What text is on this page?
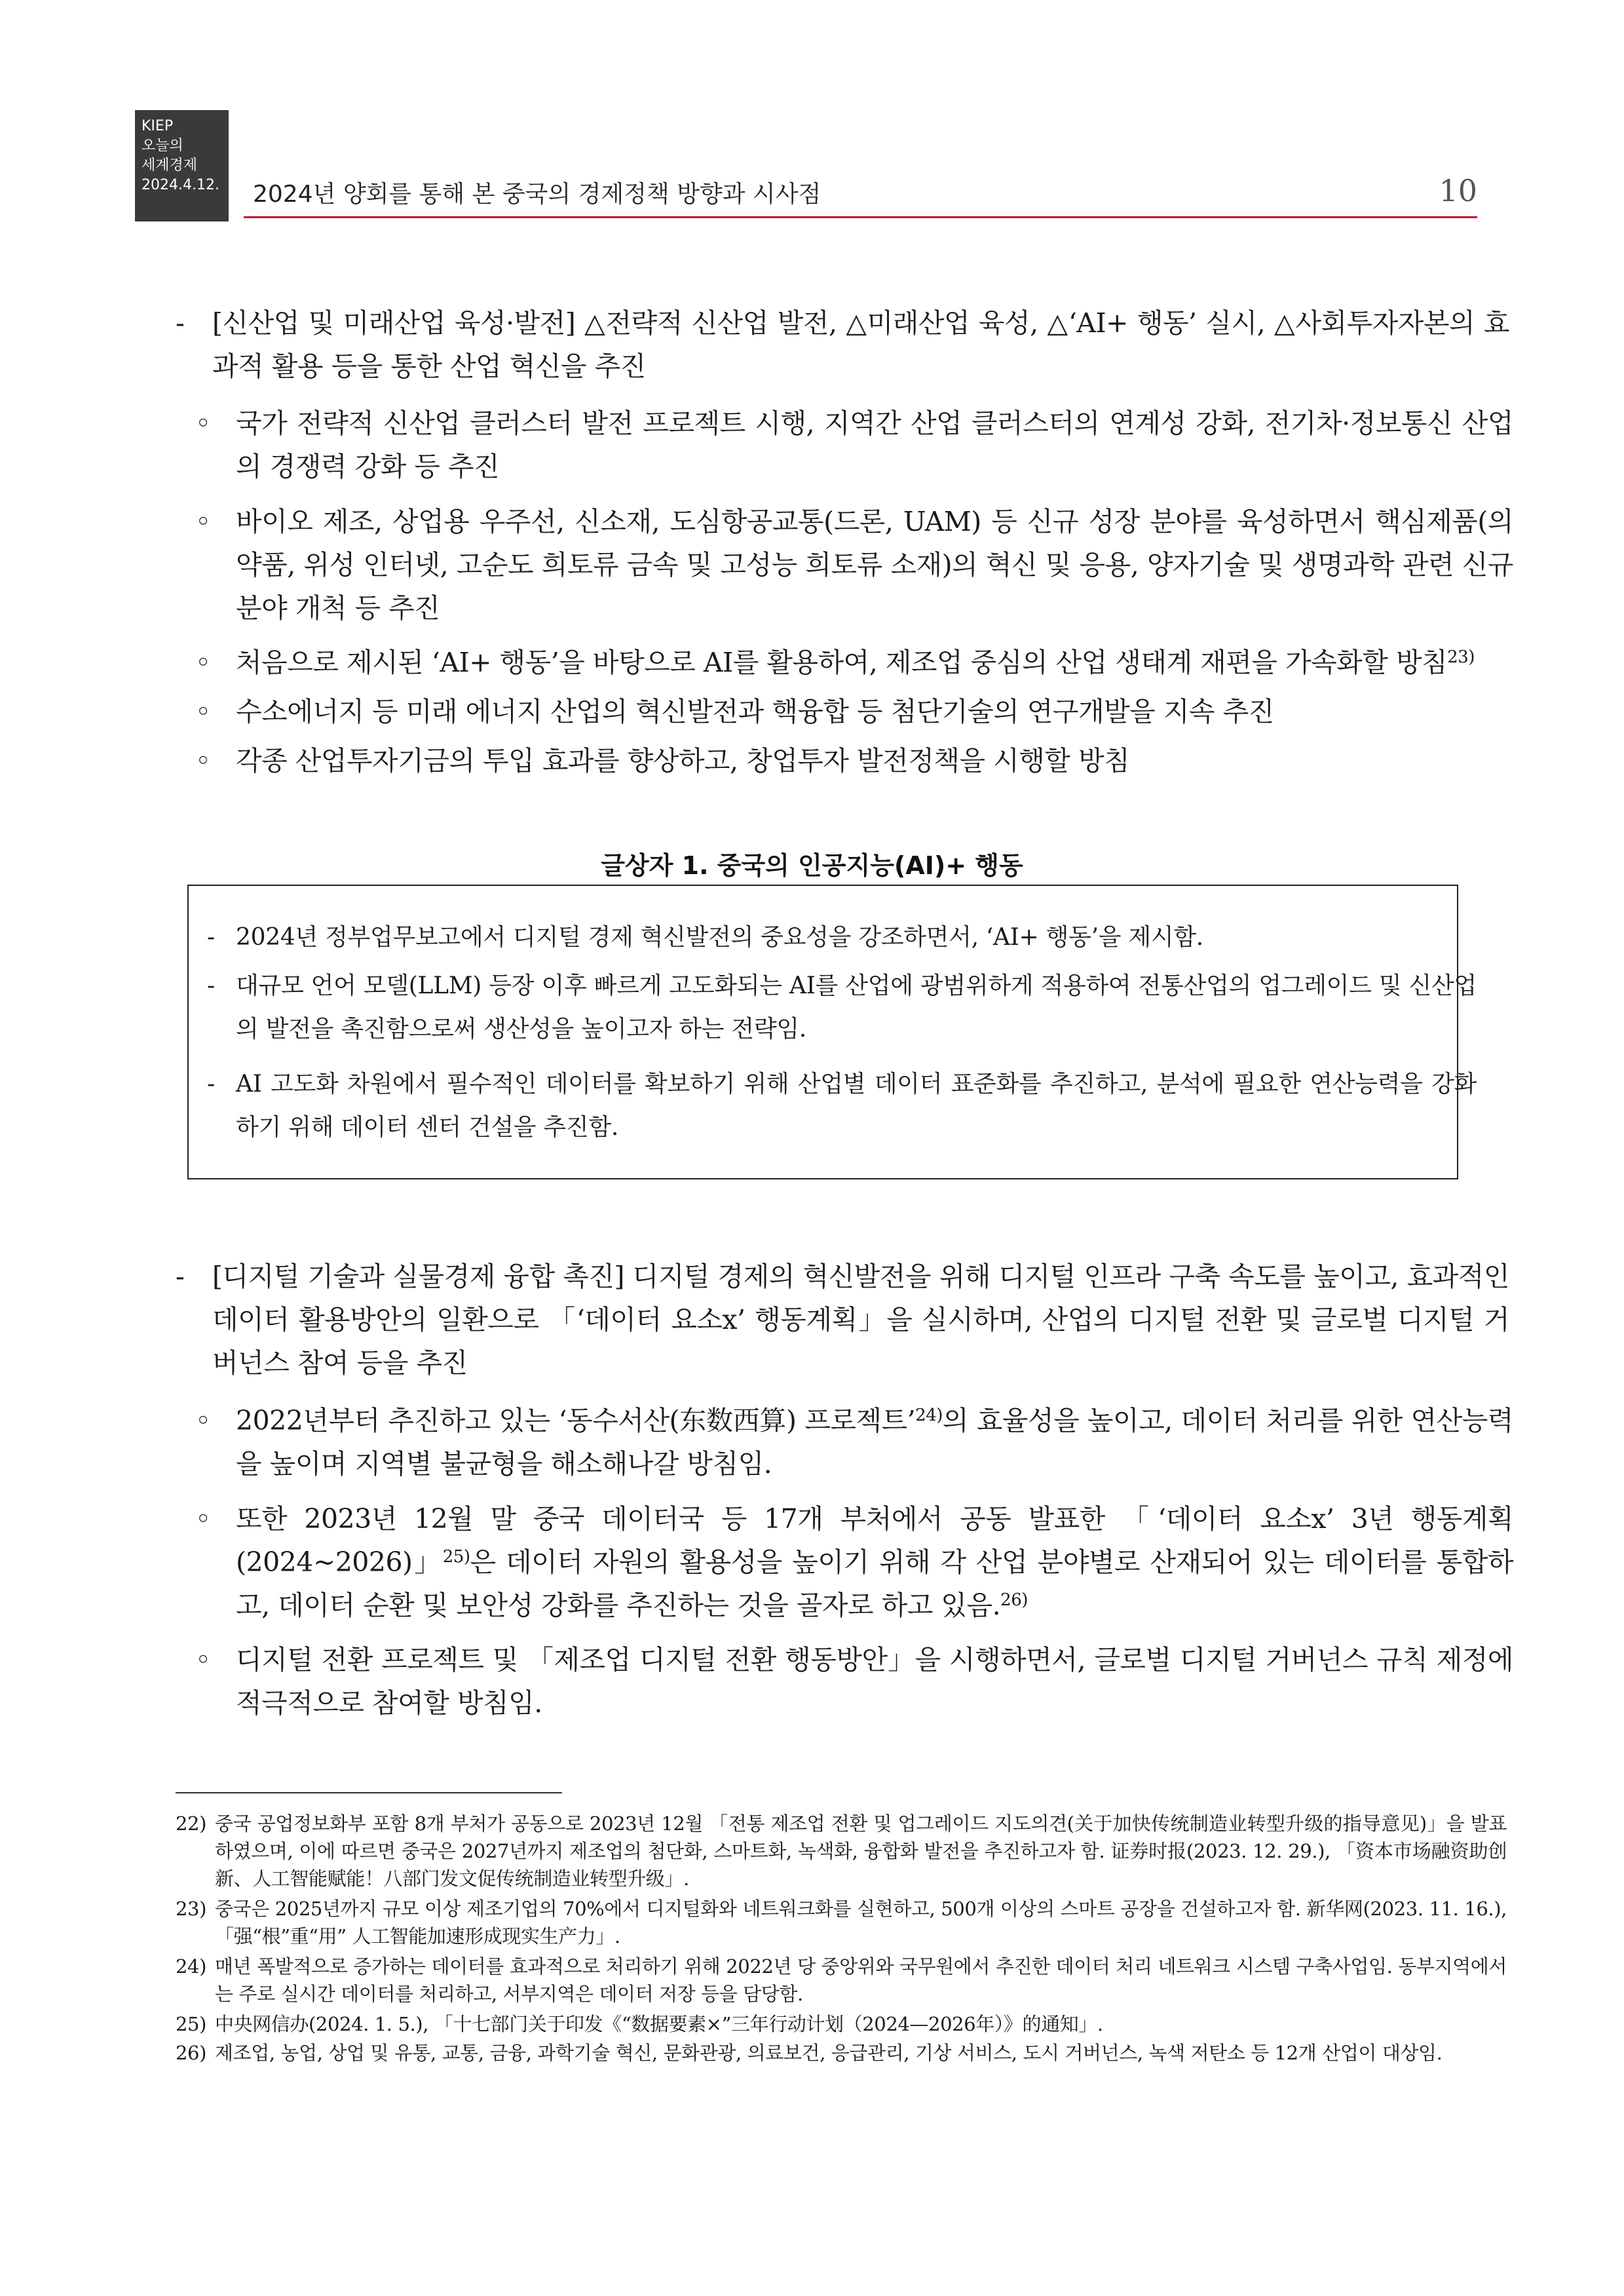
KIEP
오늘의
세계경제
2024.4.12.	2024년 양회를 통해 본 중국의 경제정책 방향과 시사점	10
- [신산업 및 미래산업 육성·발전] △전략적 신산업 발전, △미래산업 육성, △‘AI+ 행동’ 실시, △사회투자자본의 효과적 활용 등을 통한 산업 혁신을 추진
◦ 국가 전략적 신산업 클러스터 발전 프로젝트 시행, 지역간 산업 클러스터의 연계성 강화, 전기차·정보통신 산업의 경쟁력 강화 등 추진
◦ 바이오 제조, 상업용 우주선, 신소재, 도심항공교통(드론, UAM) 등 신규 성장 분야를 육성하면서 핵심제품(의약품, 위성 인터넷, 고순도 희토류 금속 및 고성능 희토류 소재)의 혁신 및 응용, 양자기술 및 생명과학 관련 신규 분야 개척 등 추진
◦ 처음으로 제시된 ‘AI+ 행동’을 바탕으로 AI를 활용하여, 제조업 중심의 산업 생태계 재편을 가속화할 방침$^{23)}$
◦ 수소에너지 등 미래 에너지 산업의 혁신발전과 핵융합 등 첨단기술의 연구개발을 지속 추진
◦ 각종 산업투자기금의 투입 효과를 향상하고, 창업투자 발전정책을 시행할 방침
글상자 1. 중국의 인공지능(AI)+ 행동
- 2024년 정부업무보고에서 디지털 경제 혁신발전의 중요성을 강조하면서, ‘AI+ 행동’을 제시함.
- 대규모 언어 모델(LLM) 등장 이후 빠르게 고도화되는 AI를 산업에 광범위하게 적용하여 전통산업의 업그레이드 및 신산업의 발전을 촉진함으로써 생산성을 높이고자 하는 전략임.
- AI 고도화 차원에서 필수적인 데이터를 확보하기 위해 산업별 데이터 표준화를 추진하고, 분석에 필요한 연산능력을 강화하기 위해 데이터 센터 건설을 추진함.
- [디지털 기술과 실물경제 융합 촉진] 디지털 경제의 혁신발전을 위해 디지털 인프라 구축 속도를 높이고, 효과적인 데이터 활용방안의 일환으로 「‘데이터 요소x’ 행동계획」을 실시하며, 산업의 디지털 전환 및 글로벌 디지털 거버넌스 참여 등을 추진
◦ 2022년부터 추진하고 있는 ‘동수서산(东数西算) 프로젝트’$^{24)}$의 효율성을 높이고, 데이터 처리를 위한 연산능력을 높이며 지역별 불균형을 해소해나갈 방침임.
◦ 또한 2023년 12월 말 중국 데이터국 등 17개 부처에서 공동 발표한 「‘데이터 요소x’ 3년 행동계획(2024~2026)」$^{25)}$은 데이터 자원의 활용성을 높이기 위해 각 산업 분야별로 산재되어 있는 데이터를 통합하고, 데이터 순환 및 보안성 강화를 추진하는 것을 골자로 하고 있음.$^{26)}$
◦ 디지털 전환 프로젝트 및 「제조업 디지털 전환 행동방안」을 시행하면서, 글로벌 디지털 거버넌스 규칙 제정에 적극적으로 참여할 방침임.
22) 중국 공업정보화부 포함 8개 부처가 공동으로 2023년 12월 「전통 제조업 전환 및 업그레이드 지도의견(关于加快传统制造业转型升级的指导意见)」을 발표하였으며, 이에 따르면 중국은 2027년까지 제조업의 첨단화, 스마트화, 녹색화, 융합화 발전을 추진하고자 함. 证券时报(2023. 12. 29.), 「资本市场融资助创新、人工智能赋能！八部门发文促传统制造业转型升级」.
23) 중국은 2025년까지 규모 이상 제조기업의 70%에서 디지털화와 네트워크화를 실현하고, 500개 이상의 스마트 공장을 건설하고자 함. 新华网(2023. 11. 16.), 「强“根”重“用” 人工智能加速形成现实生产力」.
24) 매년 폭발적으로 증가하는 데이터를 효과적으로 처리하기 위해 2022년 당 중앙위와 국무원에서 추진한 데이터 처리 네트워크 시스템 구축사업임. 동부지역에서는 주로 실시간 데이터를 처리하고, 서부지역은 데이터 저장 등을 담당함.
25) 中央网信办(2024. 1. 5.), 「十七部门关于印发《“数据要素×”三年行动计划（2024—2026年）》的通知」.
26) 제조업, 농업, 상업 및 유통, 교통, 금융, 과학기술 혁신, 문화관광, 의료보건, 응급관리, 기상 서비스, 도시 거버넌스, 녹색 저탄소 등 12개 산업이 대상임.
